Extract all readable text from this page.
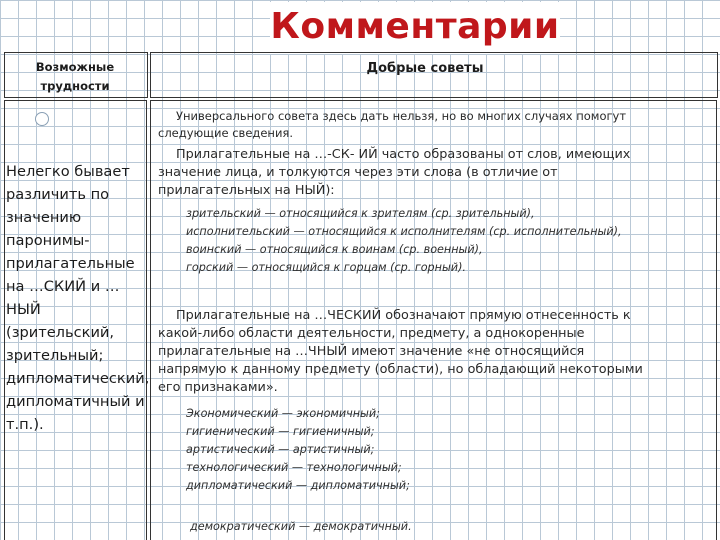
Комментарии
Возможные
трудности
Добрые советы
Нелегко бывает различить по значению паронимы-прилагательные на …СКИЙ и …НЫЙ (зрительский, зрительный; дипломатический, дипломатичный и т.п.).
Универсального совета здесь дать нельзя, но во многих случаях помогут
следующие сведения.
Прилагательные на …-СК- ИЙ часто образованы от слов, имеющих
значение лица, и толкуются через эти слова (в отличие от
прилагательных на НЫЙ):
зрительский — относящийся к зрителям (ср. зрительный),
исполнительский — относящийся к исполнителям (ср. исполнительный),
воинский — относящийся к воинам (ср. военный),
горский — относящийся к горцам (ср. горный).
Прилагательные на …ЧЕСКИЙ обозначают прямую отнесенность к
какой-либо области деятельности, предмету, а однокоренные
прилагательные на …ЧНЫЙ имеют значение «не относящийся
напрямую к данному предмету (области), но обладающий некоторыми
его признаками».
Экономический — экономичный;
гигиенический — гигиеничный;
артистический — артистичный;
технологический — технологичный;
дипломатический — дипломатичный;
демократический — демократичный.
